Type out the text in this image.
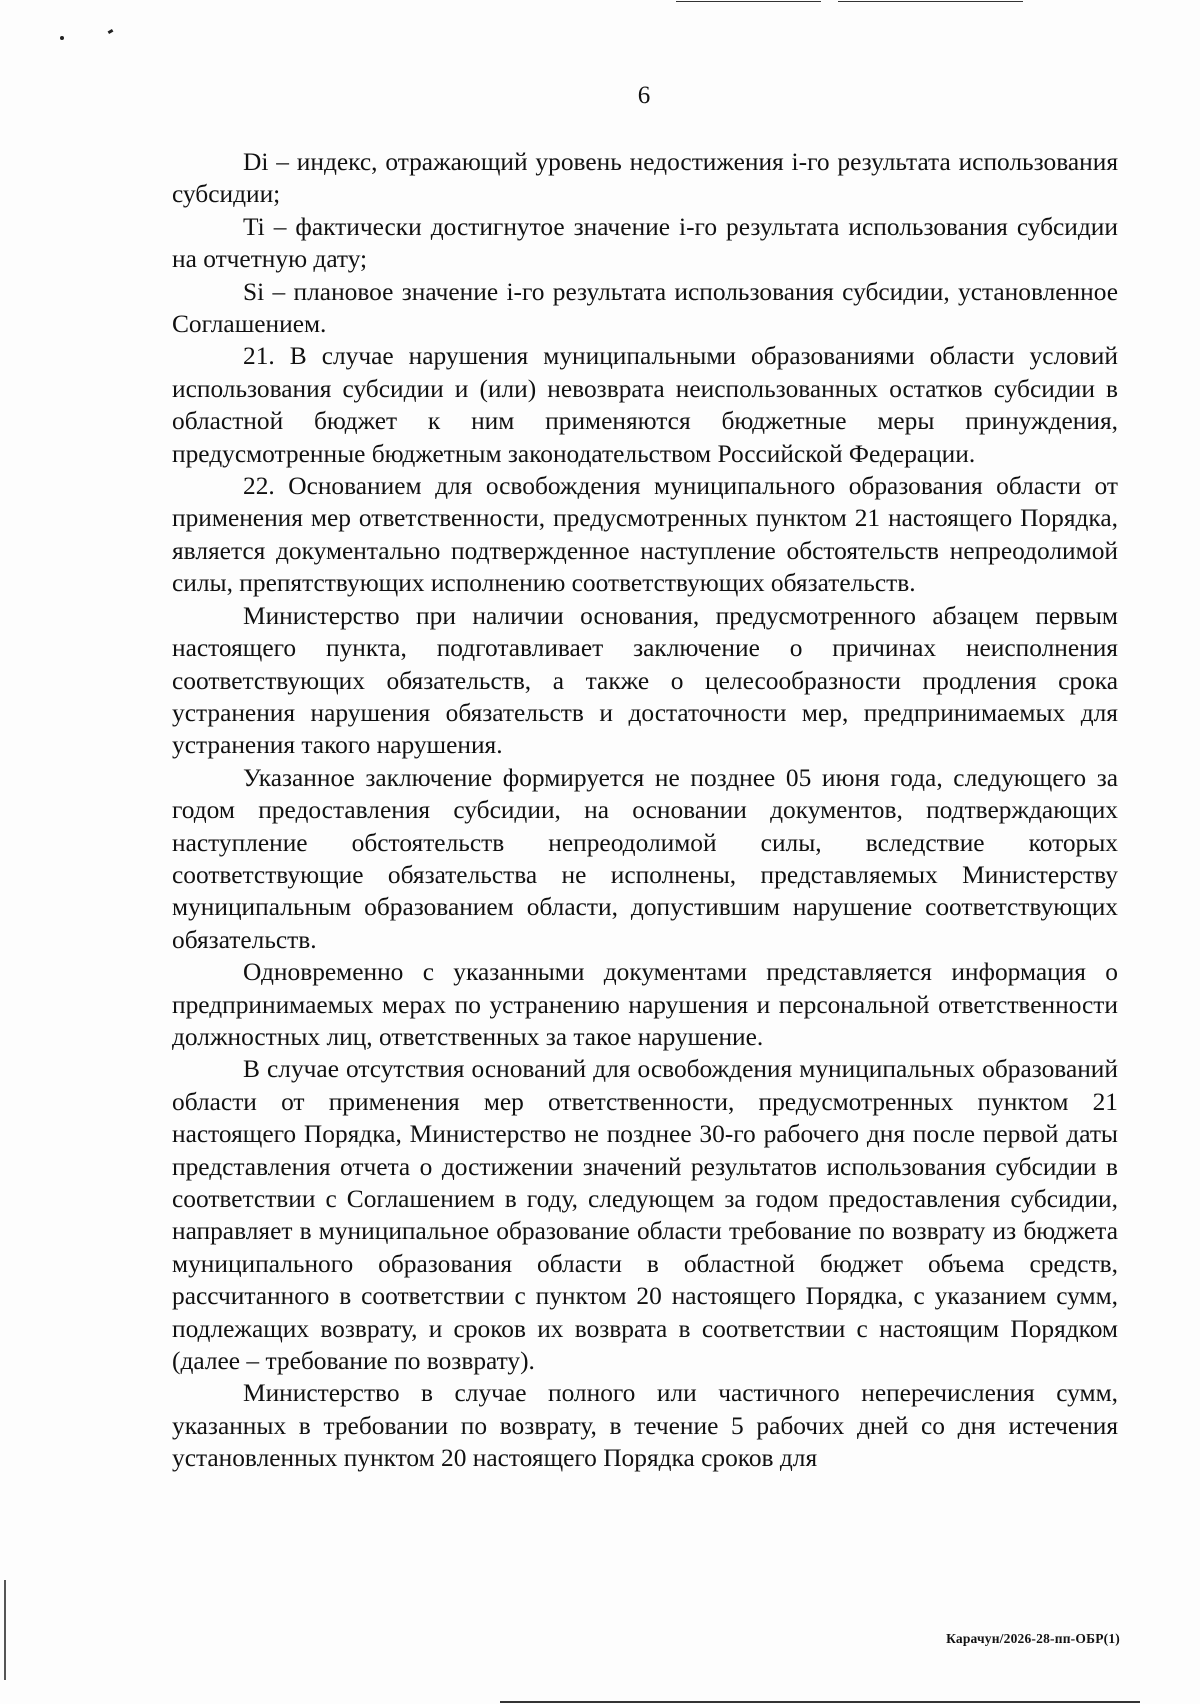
6

Di – индекс, отражающий уровень недостижения i-го результата использования субсидии;

Ti – фактически достигнутое значение i-го результата использования субсидии на отчетную дату;

Si – плановое значение i-го результата использования субсидии, установленное Соглашением.

21. В случае нарушения муниципальными образованиями области условий использования субсидии и (или) невозврата неиспользованных остатков субсидии в областной бюджет к ним применяются бюджетные меры принуждения, предусмотренные бюджетным законодательством Российской Федерации.

22. Основанием для освобождения муниципального образования области от применения мер ответственности, предусмотренных пунктом 21 настоящего Порядка, является документально подтвержденное наступление обстоятельств непреодолимой силы, препятствующих исполнению соответствующих обязательств.

Министерство при наличии основания, предусмотренного абзацем первым настоящего пункта, подготавливает заключение о причинах неисполнения соответствующих обязательств, а также о целесообразности продления срока устранения нарушения обязательств и достаточности мер, предпринимаемых для устранения такого нарушения.

Указанное заключение формируется не позднее 05 июня года, следующего за годом предоставления субсидии, на основании документов, подтверждающих наступление обстоятельств непреодолимой силы, вследствие которых соответствующие обязательства не исполнены, представляемых Министерству муниципальным образованием области, допустившим нарушение соответствующих обязательств.

Одновременно с указанными документами представляется информация о предпринимаемых мерах по устранению нарушения и персональной ответственности должностных лиц, ответственных за такое нарушение.

В случае отсутствия оснований для освобождения муниципальных образований области от применения мер ответственности, предусмотренных пунктом 21 настоящего Порядка, Министерство не позднее 30-го рабочего дня после первой даты представления отчета о достижении значений результатов использования субсидии в соответствии с Соглашением в году, следующем за годом предоставления субсидии, направляет в муниципальное образование области требование по возврату из бюджета муниципального образования области в областной бюджет объема средств, рассчитанного в соответствии с пунктом 20 настоящего Порядка, с указанием сумм, подлежащих возврату, и сроков их возврата в соответствии с настоящим Порядком (далее – требование по возврату).

Министерство в случае полного или частичного неперечисления сумм, указанных в требовании по возврату, в течение 5 рабочих дней со дня истечения установленных пунктом 20 настоящего Порядка сроков для

Карачун/2026-28-пп-ОБР(1)
